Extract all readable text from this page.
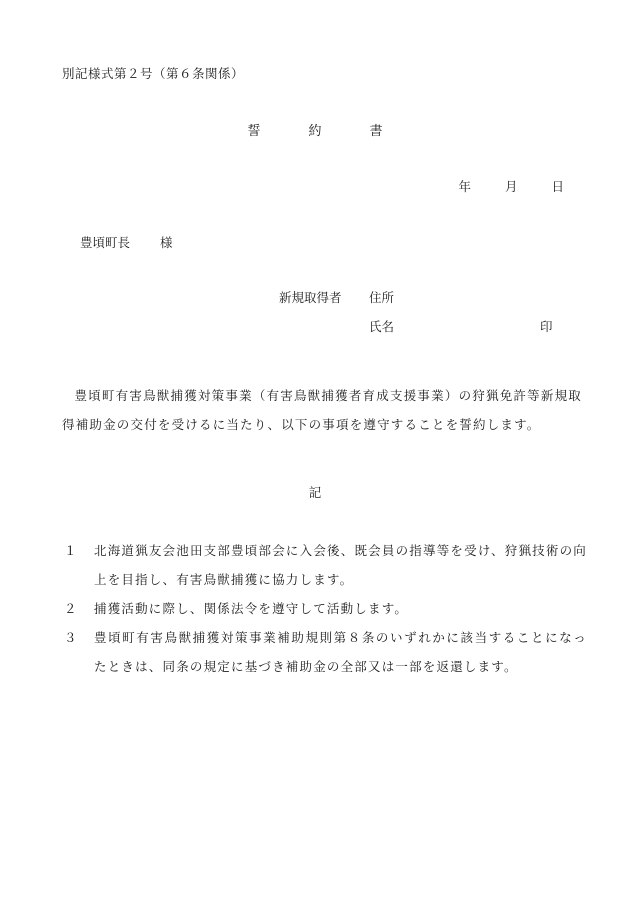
別記様式第２号（第６条関係）
誓	約	書
年	月	日
豊頃町長 様
新規取得者 住所
氏名	印

豊頃町有害鳥獣捕獲対策事業（有害鳥獣捕獲者育成支援事業）の狩猟免許等新規取得補助金の交付を受けるに当たり、以下の事項を遵守することを誓約します。

記
１	北海道猟友会池田支部豊頃部会に入会後、既会員の指導等を受け、狩猟技術の向上を目指し、有害鳥獣捕獲に協力します。
２	捕獲活動に際し、関係法令を遵守して活動します。
３	豊頃町有害鳥獣捕獲対策事業補助規則第８条のいずれかに該当することになったときは、同条の規定に基づき補助金の全部又は一部を返還します。
